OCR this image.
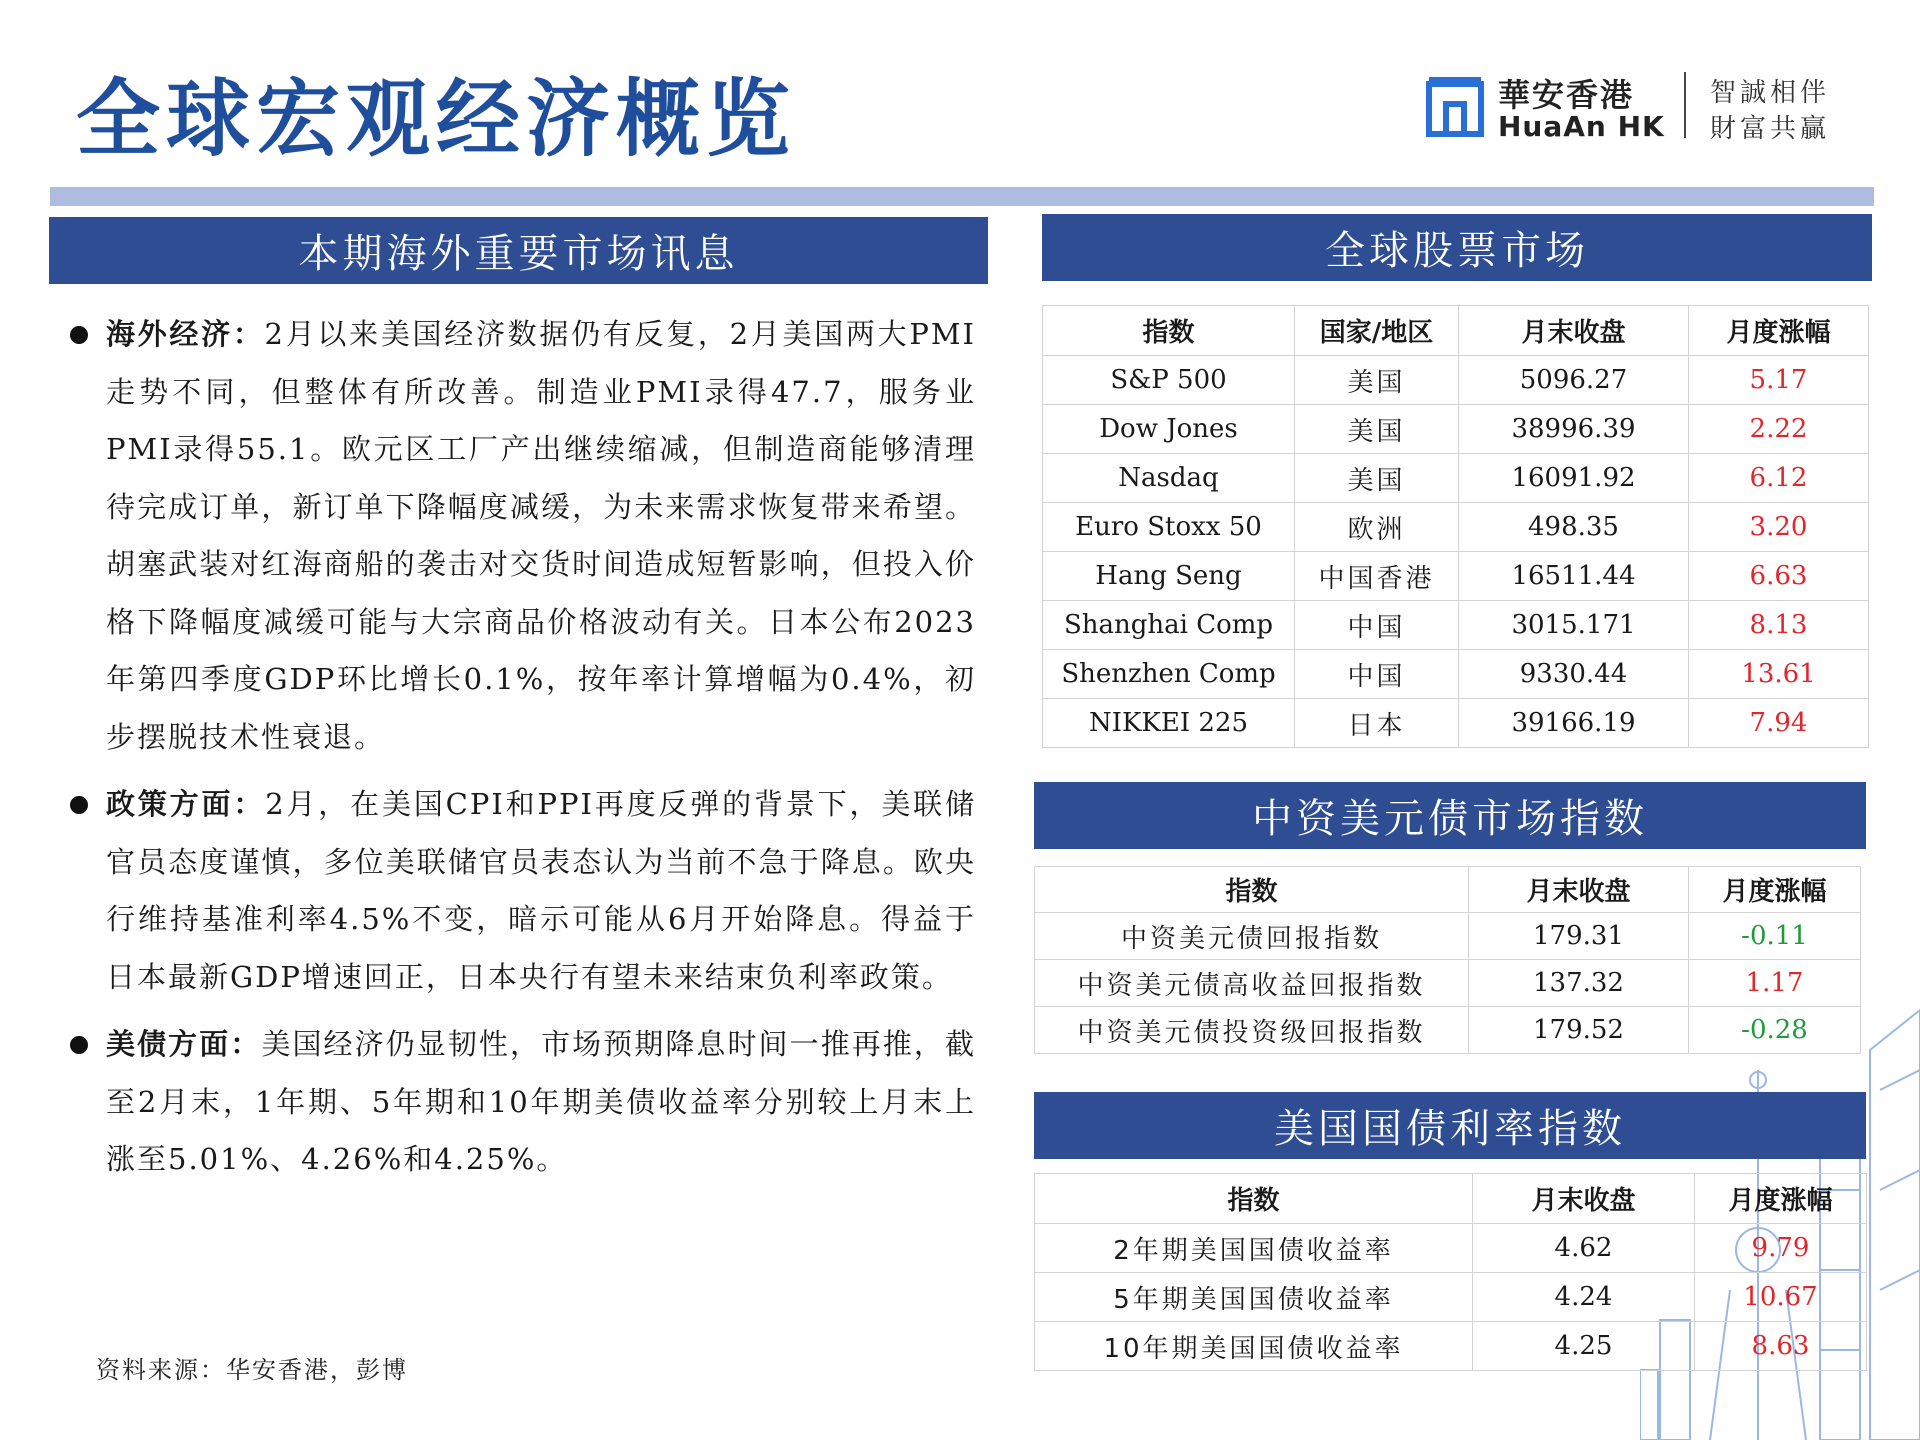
全球宏观经济概览	華安香港
HuaAn HK
智誠相伴
財富共贏
本期海外重要市场讯息
海外经济：2月以来美国经济数据仍有反复，2月美国两大PMI走势不同，但整体有所改善。制造业PMI录得47.7，服务业PMI录得55.1。欧元区工厂产出继续缩减，但制造商能够清理待完成订单，新订单下降幅度减缓，为未来需求恢复带来希望。胡塞武装对红海商船的袭击对交货时间造成短暂影响，但投入价格下降幅度减缓可能与大宗商品价格波动有关。日本公布2023年第四季度GDP环比增长0.1%，按年率计算增幅为0.4%，初步摆脱技术性衰退。
政策方面：2月，在美国CPI和PPI再度反弹的背景下，美联储官员态度谨慎，多位美联储官员表态认为当前不急于降息。欧央行维持基准利率4.5%不变，暗示可能从6月开始降息。得益于日本最新GDP增速回正，日本央行有望未来结束负利率政策。
美债方面：美国经济仍显韧性，市场预期降息时间一推再推，截至2月末，1年期、5年期和10年期美债收益率分别较上月末上涨至5.01%、4.26%和4.25%。
资料来源：华安香港，彭博
全球股票市场
指数	国家/地区	月末收盘	月度涨幅
S&P 500	美国	5096.27	5.17
Dow Jones	美国	38996.39	2.22
Nasdaq	美国	16091.92	6.12
Euro Stoxx 50	欧洲	498.35	3.20
Hang Seng	中国香港	16511.44	6.63
Shanghai Comp	中国	3015.171	8.13
Shenzhen Comp	中国	9330.44	13.61
NIKKEI 225	日本	39166.19	7.94
中资美元债市场指数
指数	月末收盘	月度涨幅
中资美元债回报指数	179.31	-0.11
中资美元债高收益回报指数	137.32	1.17
中资美元债投资级回报指数	179.52	-0.28
美国国债利率指数
指数	月末收盘	月度涨幅
2年期美国国债收益率	4.62	9.79
5年期美国国债收益率	4.24	10.67
10年期美国国债收益率	4.25	8.63
